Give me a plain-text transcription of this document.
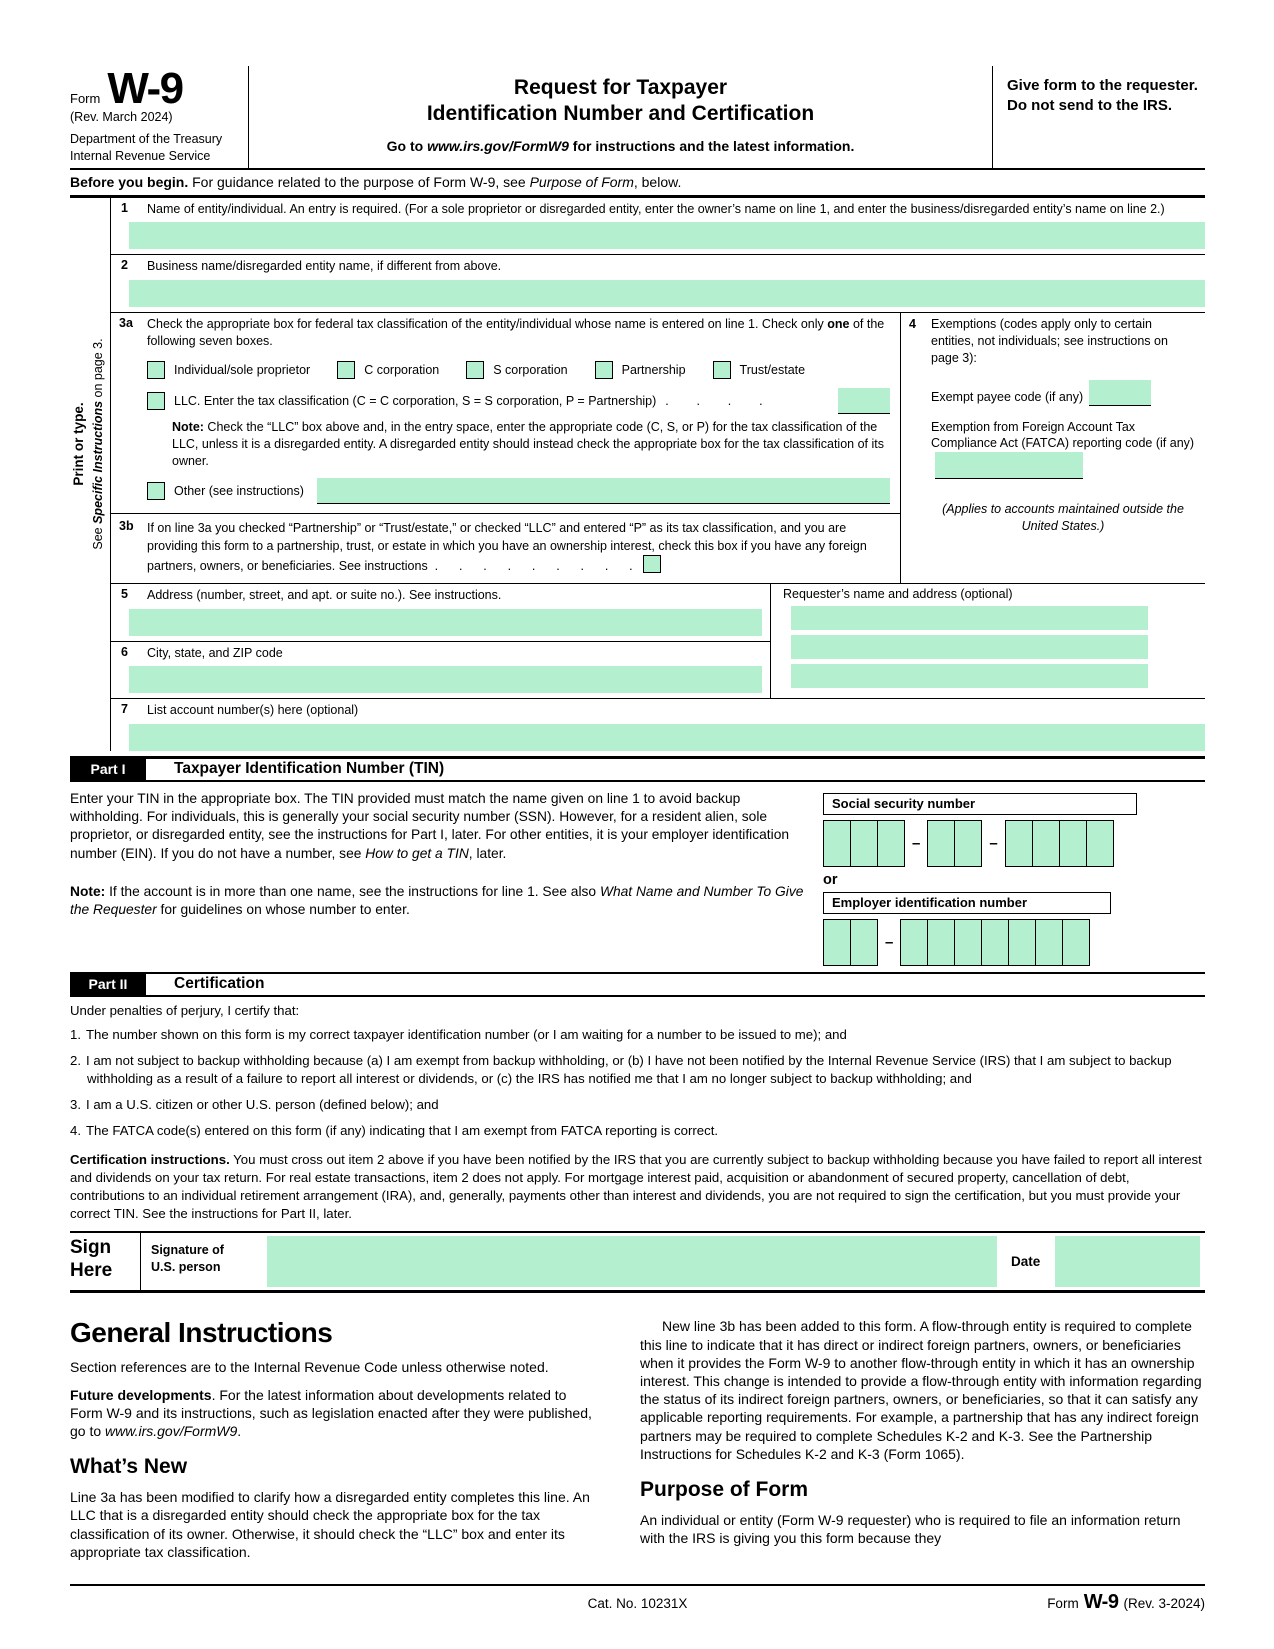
Form W-9
(Rev. March 2024)
Department of the Treasury
Internal Revenue Service
Request for Taxpayer
Identification Number and Certification
Go to www.irs.gov/FormW9 for instructions and the latest information.
Give form to the requester. Do not send to the IRS.
Before you begin. For guidance related to the purpose of Form W-9, see Purpose of Form, below.
Print or type.
See Specific Instructions on page 3.
1 Name of entity/individual. An entry is required. (For a sole proprietor or disregarded entity, enter the owner’s name on line 1, and enter the business/disregarded entity’s name on line 2.)
2 Business name/disregarded entity name, if different from above.
3a Check the appropriate box for federal tax classification of the entity/individual whose name is entered on line 1. Check only one of the following seven boxes.
Individual/sole proprietor	C corporation	S corporation	Partnership	Trust/estate
LLC. Enter the tax classification (C = C corporation, S = S corporation, P = Partnership) .        .        .        .
Note: Check the “LLC” box above and, in the entry space, enter the appropriate code (C, S, or P) for the tax classification of the LLC, unless it is a disregarded entity. A disregarded entity should instead check the appropriate box for the tax classification of its owner.
Other (see instructions)
3b If on line 3a you checked “Partnership” or “Trust/estate,” or checked “LLC” and entered “P” as its tax classification, and you are providing this form to a partnership, trust, or estate in which you have an ownership interest, check this box if you have any foreign partners, owners, or beneficiaries. See instructions  .      .      .      .      .      .      .      .      .
4 Exemptions (codes apply only to certain entities, not individuals; see instructions on page 3):
Exempt payee code (if any)
Exemption from Foreign Account Tax Compliance Act (FATCA) reporting code (if any)
(Applies to accounts maintained outside the United States.)
5 Address (number, street, and apt. or suite no.). See instructions.
6 City, state, and ZIP code
Requester’s name and address (optional)
7 List account number(s) here (optional)
Part I	Taxpayer Identification Number (TIN)
Enter your TIN in the appropriate box. The TIN provided must match the name given on line 1 to avoid backup withholding. For individuals, this is generally your social security number (SSN). However, for a resident alien, sole proprietor, or disregarded entity, see the instructions for Part I, later. For other entities, it is your employer identification number (EIN). If you do not have a number, see How to get a TIN, later.
Note: If the account is in more than one name, see the instructions for line 1. See also What Name and Number To Give the Requester for guidelines on whose number to enter.
Social security number
–	–
or
Employer identification number
–
Part II	Certification
Under penalties of perjury, I certify that:
1. The number shown on this form is my correct taxpayer identification number (or I am waiting for a number to be issued to me); and
2. I am not subject to backup withholding because (a) I am exempt from backup withholding, or (b) I have not been notified by the Internal Revenue Service (IRS) that I am subject to backup withholding as a result of a failure to report all interest or dividends, or (c) the IRS has notified me that I am no longer subject to backup withholding; and
3. I am a U.S. citizen or other U.S. person (defined below); and
4. The FATCA code(s) entered on this form (if any) indicating that I am exempt from FATCA reporting is correct.
Certification instructions. You must cross out item 2 above if you have been notified by the IRS that you are currently subject to backup withholding because you have failed to report all interest and dividends on your tax return. For real estate transactions, item 2 does not apply. For mortgage interest paid, acquisition or abandonment of secured property, cancellation of debt, contributions to an individual retirement arrangement (IRA), and, generally, payments other than interest and dividends, you are not required to sign the certification, but you must provide your correct TIN. See the instructions for Part II, later.
Sign
Here
Signature of
U.S. person	Date
General Instructions

Section references are to the Internal Revenue Code unless otherwise noted.

Future developments. For the latest information about developments related to Form W-9 and its instructions, such as legislation enacted after they were published, go to www.irs.gov/FormW9.

What’s New

Line 3a has been modified to clarify how a disregarded entity completes this line. An LLC that is a disregarded entity should check the appropriate box for the tax classification of its owner. Otherwise, it should check the “LLC” box and enter its appropriate tax classification.

New line 3b has been added to this form. A flow-through entity is required to complete this line to indicate that it has direct or indirect foreign partners, owners, or beneficiaries when it provides the Form W-9 to another flow-through entity in which it has an ownership interest. This change is intended to provide a flow-through entity with information regarding the status of its indirect foreign partners, owners, or beneficiaries, so that it can satisfy any applicable reporting requirements. For example, a partnership that has any indirect foreign partners may be required to complete Schedules K-2 and K-3. See the Partnership Instructions for Schedules K-2 and K-3 (Form 1065).

Purpose of Form

An individual or entity (Form W-9 requester) who is required to file an information return with the IRS is giving you this form because they

Cat. No. 10231X	Form W-9 (Rev. 3-2024)
